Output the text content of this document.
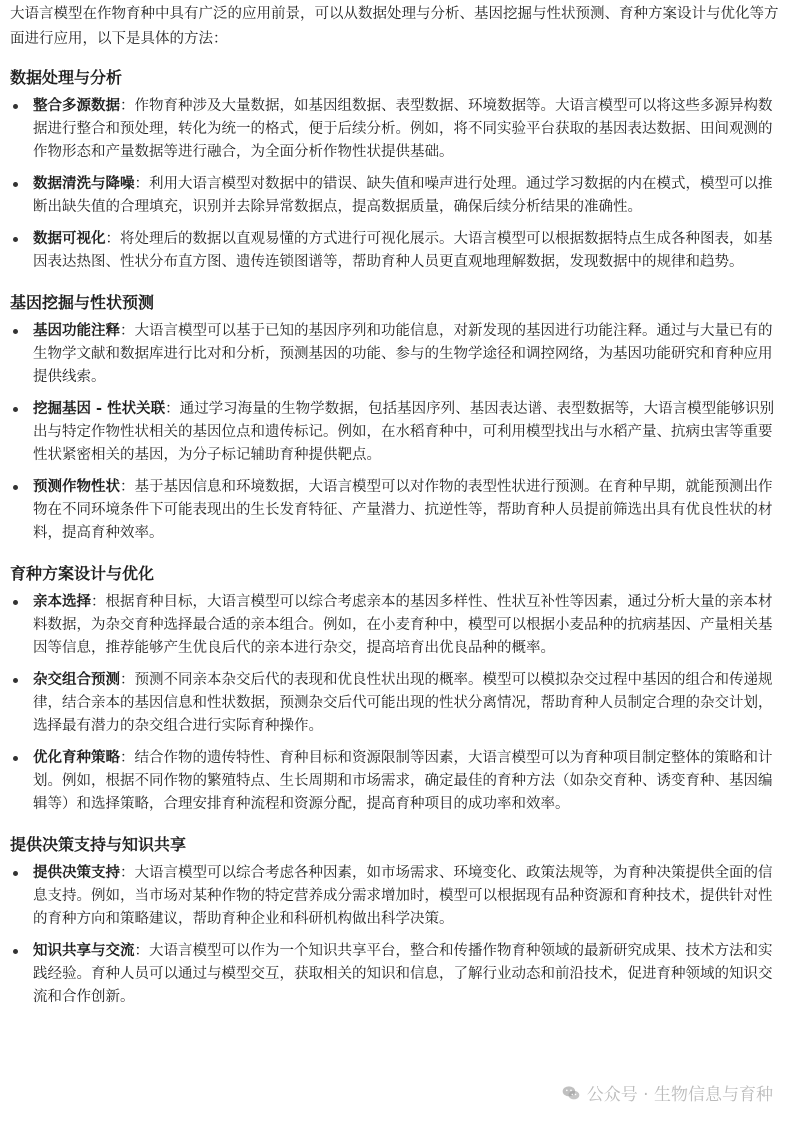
大语言模型在作物育种中具有广泛的应用前景，可以从数据处理与分析、基因挖掘与性状预测、育种方案设计与优化等方面进行应用，以下是具体的方法：

数据处理与分析
整合多源数据：作物育种涉及大量数据，如基因组数据、表型数据、环境数据等。大语言模型可以将这些多源异构数据进行整合和预处理，转化为统一的格式，便于后续分析。例如，将不同实验平台获取的基因表达数据、田间观测的作物形态和产量数据等进行融合，为全面分析作物性状提供基础。
数据清洗与降噪：利用大语言模型对数据中的错误、缺失值和噪声进行处理。通过学习数据的内在模式，模型可以推断出缺失值的合理填充，识别并去除异常数据点，提高数据质量，确保后续分析结果的准确性。
数据可视化：将处理后的数据以直观易懂的方式进行可视化展示。大语言模型可以根据数据特点生成各种图表，如基因表达热图、性状分布直方图、遗传连锁图谱等，帮助育种人员更直观地理解数据，发现数据中的规律和趋势。
基因挖掘与性状预测
基因功能注释：大语言模型可以基于已知的基因序列和功能信息，对新发现的基因进行功能注释。通过与大量已有的生物学文献和数据库进行比对和分析，预测基因的功能、参与的生物学途径和调控网络，为基因功能研究和育种应用提供线索。
挖掘基因 - 性状关联：通过学习海量的生物学数据，包括基因序列、基因表达谱、表型数据等，大语言模型能够识别出与特定作物性状相关的基因位点和遗传标记。例如，在水稻育种中，可利用模型找出与水稻产量、抗病虫害等重要性状紧密相关的基因，为分子标记辅助育种提供靶点。
预测作物性状：基于基因信息和环境数据，大语言模型可以对作物的表型性状进行预测。在育种早期，就能预测出作物在不同环境条件下可能表现出的生长发育特征、产量潜力、抗逆性等，帮助育种人员提前筛选出具有优良性状的材料，提高育种效率。
育种方案设计与优化
亲本选择：根据育种目标，大语言模型可以综合考虑亲本的基因多样性、性状互补性等因素，通过分析大量的亲本材料数据，为杂交育种选择最合适的亲本组合。例如，在小麦育种中，模型可以根据小麦品种的抗病基因、产量相关基因等信息，推荐能够产生优良后代的亲本进行杂交，提高培育出优良品种的概率。
杂交组合预测：预测不同亲本杂交后代的表现和优良性状出现的概率。模型可以模拟杂交过程中基因的组合和传递规律，结合亲本的基因信息和性状数据，预测杂交后代可能出现的性状分离情况，帮助育种人员制定合理的杂交计划，选择最有潜力的杂交组合进行实际育种操作。
优化育种策略：结合作物的遗传特性、育种目标和资源限制等因素，大语言模型可以为育种项目制定整体的策略和计划。例如，根据不同作物的繁殖特点、生长周期和市场需求，确定最佳的育种方法（如杂交育种、诱变育种、基因编辑等）和选择策略，合理安排育种流程和资源分配，提高育种项目的成功率和效率。
提供决策支持与知识共享
提供决策支持：大语言模型可以综合考虑各种因素，如市场需求、环境变化、政策法规等，为育种决策提供全面的信息支持。例如，当市场对某种作物的特定营养成分需求增加时，模型可以根据现有品种资源和育种技术，提供针对性的育种方向和策略建议，帮助育种企业和科研机构做出科学决策。
知识共享与交流：大语言模型可以作为一个知识共享平台，整合和传播作物育种领域的最新研究成果、技术方法和实践经验。育种人员可以通过与模型交互，获取相关的知识和信息，了解行业动态和前沿技术，促进育种领域的知识交流和合作创新。
公众号 · 生物信息与育种
